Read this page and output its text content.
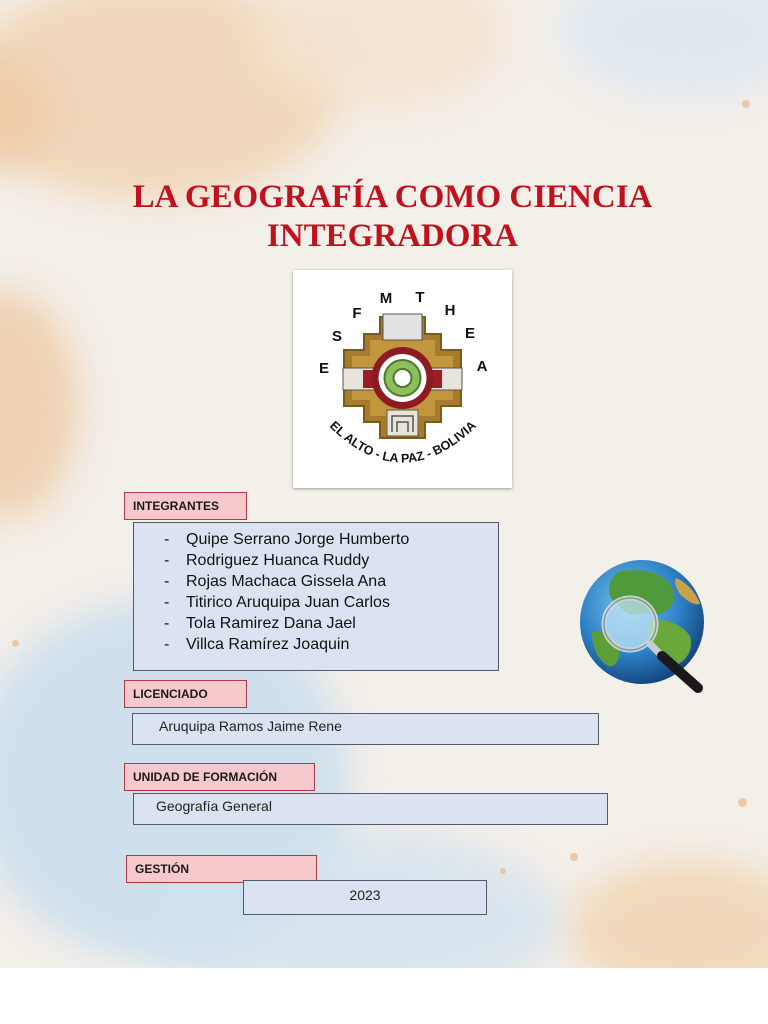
LA GEOGRAFÍA COMO CIENCIA
INTEGRADORA
E
S
F
M T
H
E
A
EL ALTO - LA PAZ - BOLIVIA
INTEGRANTES
-	Quipe Serrano Jorge Humberto
-	Rodriguez Huanca Ruddy
-	Rojas Machaca Gissela Ana
-	Titirico Aruquipa Juan Carlos
-	Tola Ramirez Dana Jael
-	Villca Ramírez Joaquin
LICENCIADO
Aruquipa Ramos Jaime Rene
UNIDAD DE FORMACIÓN
Geografía General
GESTIÓN
2023
